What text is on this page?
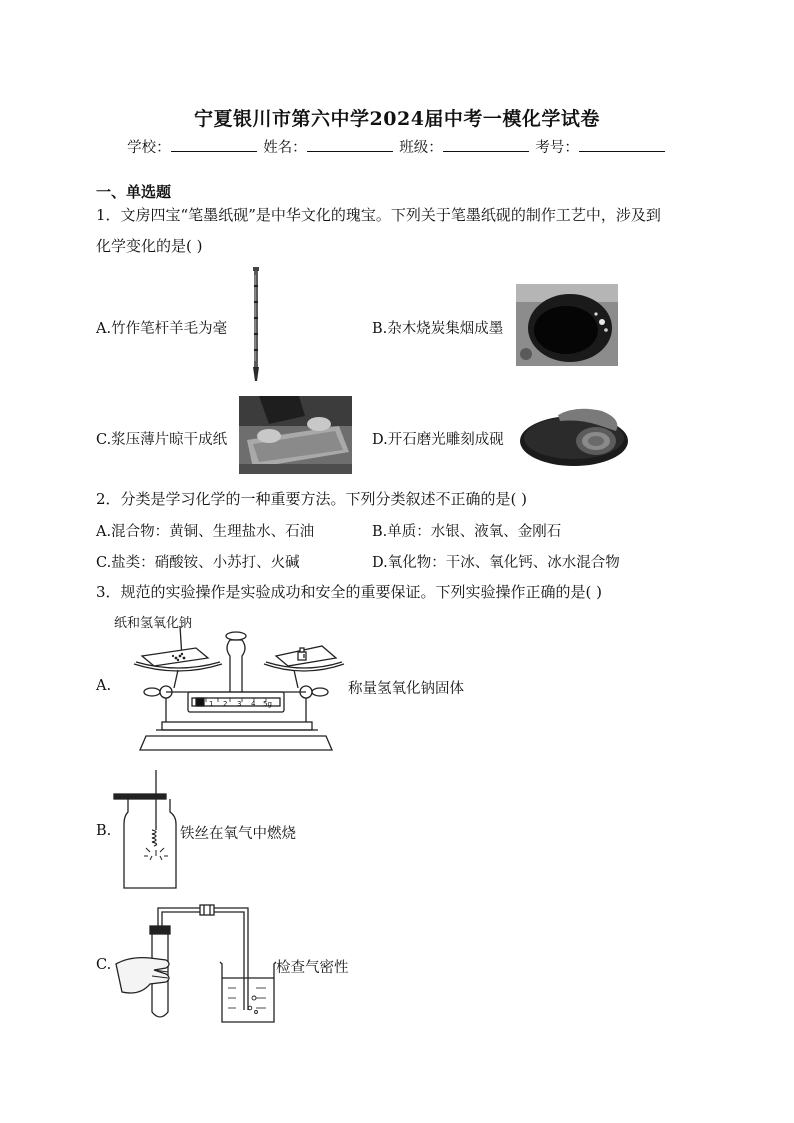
宁夏银川市第六中学2024届中考一模化学试卷
学校：	姓名：	班级：	考号：
一、单选题
1．文房四宝“笔墨纸砚”是中华文化的瑰宝。下列关于笔墨纸砚的制作工艺中，涉及到
化学变化的是( )
A.竹作笔杆羊毛为毫	B.杂木烧炭集烟成墨
C.浆压薄片晾干成纸	D.开石磨光雕刻成砚
2．分类是学习化学的一种重要方法。下列分类叙述不正确的是( )
A.混合物：黄铜、生理盐水、石油	B.单质：水银、液氧、金刚石
C.盐类：硝酸铵、小苏打、火碱	D.氧化物：干冰、氧化钙、冰水混合物
3．规范的实验操作是实验成功和安全的重要保证。下列实验操作正确的是( )
纸和氢氧化钠
A.	称量氢氧化钠固体
0 1 2 3 4 5g
B.	铁丝在氧气中燃烧
C.	检查气密性
